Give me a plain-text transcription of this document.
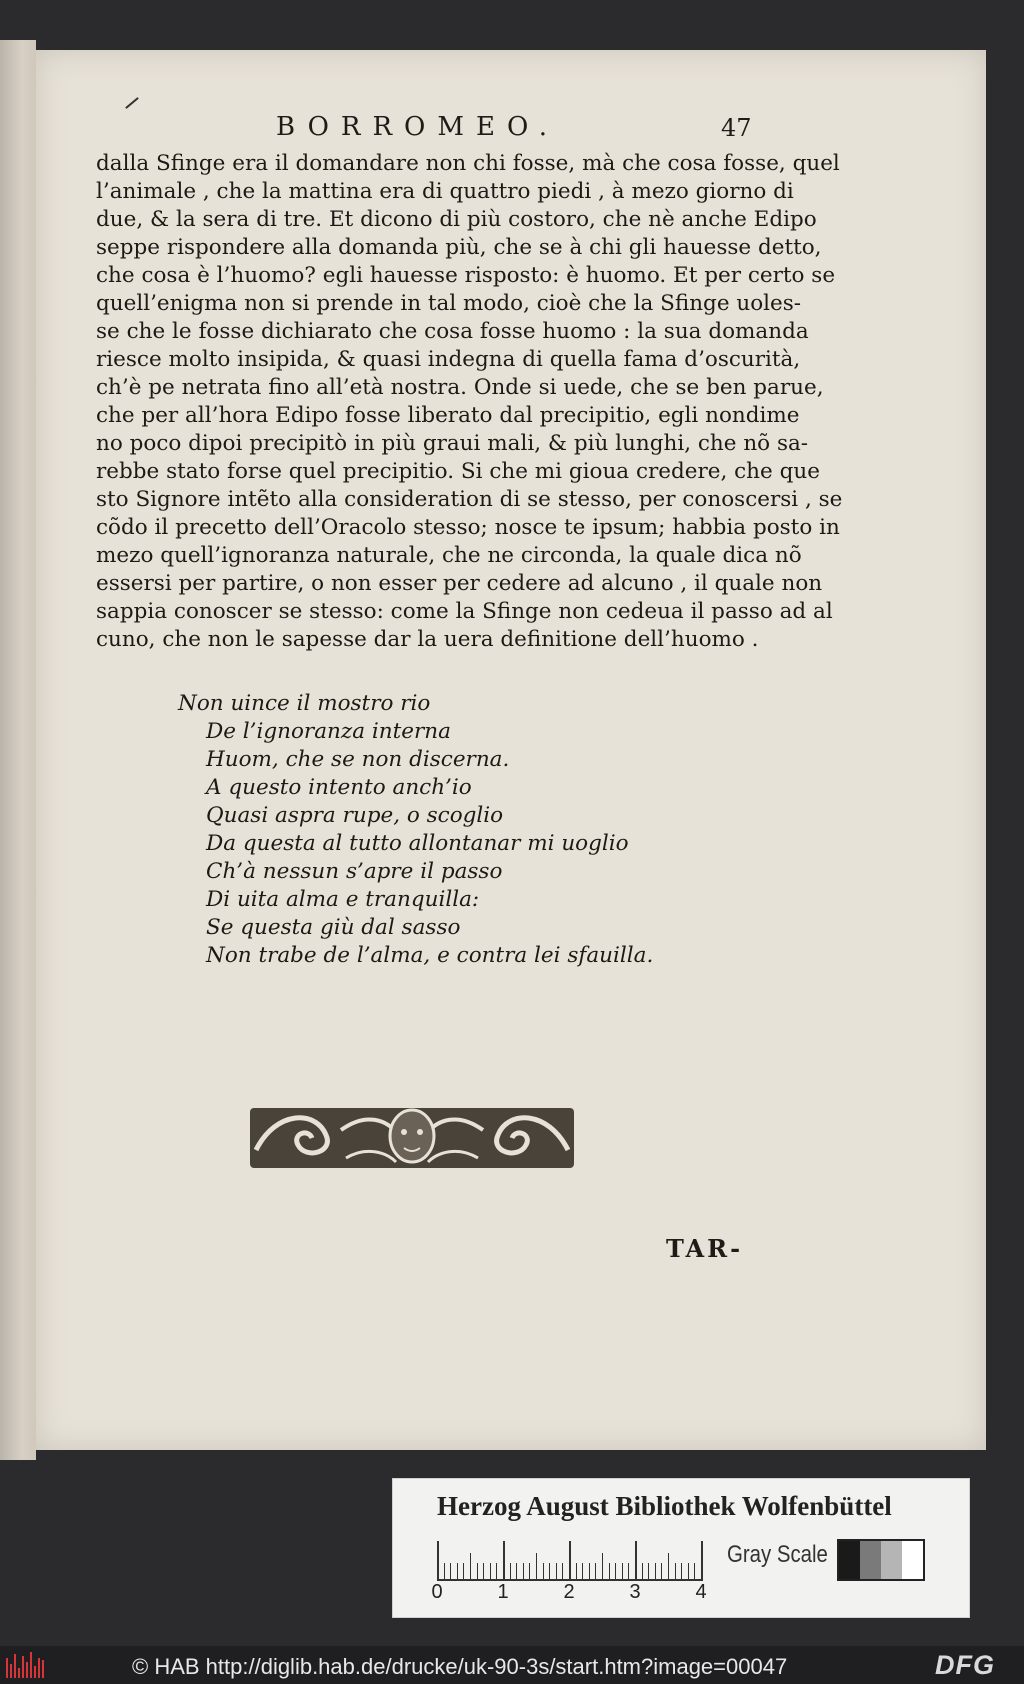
BORROMEO.	47

dalla Sfinge era il domandare non chi fosse, mà che cosa fosse, quel
l’animale , che la mattina era di quattro piedi , à mezo giorno di
due, & la sera di tre. Et dicono di più costoro, che nè anche Edipo
seppe rispondere alla domanda più, che se à chi gli hauesse detto,
che cosa è l’huomo? egli hauesse risposto: è huomo. Et per certo se
quell’enigma non si prende in tal modo, cioè che la Sfinge uoles-
se che le fosse dichiarato che cosa fosse huomo : la sua domanda
riesce molto insipida, & quasi indegna di quella fama d’oscurità,
ch’è pe netrata fino all’età nostra. Onde si uede, che se ben parue,
che per all’hora Edipo fosse liberato dal precipitio, egli nondime
no poco dipoi precipitò in più graui mali, & più lunghi, che nõ sa-
rebbe stato forse quel precipitio. Si che mi gioua credere, che que
sto Signore intẽto alla consideration di se stesso, per conoscersi , se
cõdo il precetto dell’Oracolo stesso; nosce te ipsum; habbia posto in
mezo quell’ignoranza naturale, che ne circonda, la quale dica nõ
essersi per partire, o non esser per cedere ad alcuno , il quale non
sappia conoscer se stesso: come la Sfinge non cedeua il passo ad al
cuno, che non le sapesse dar la uera definitione dell’huomo .

Non uince il mostro rio
De l’ignoranza interna
Huom, che se non discerna.
A questo intento anch’io
Quasi aspra rupe, o scoglio
Da questa al tutto allontanar mi uoglio
Ch’à nessun s’apre il passo
Di uita alma e tranquilla:
Se questa giù dal sasso
Non trabe de l’alma, e contra lei sfauilla.
TAR-
Herzog August Bibliothek Wolfenbüttel
0	1	2	3	4
Gray Scale
© HAB http://diglib.hab.de/drucke/uk-90-3s/start.htm?image=00047	DFG
